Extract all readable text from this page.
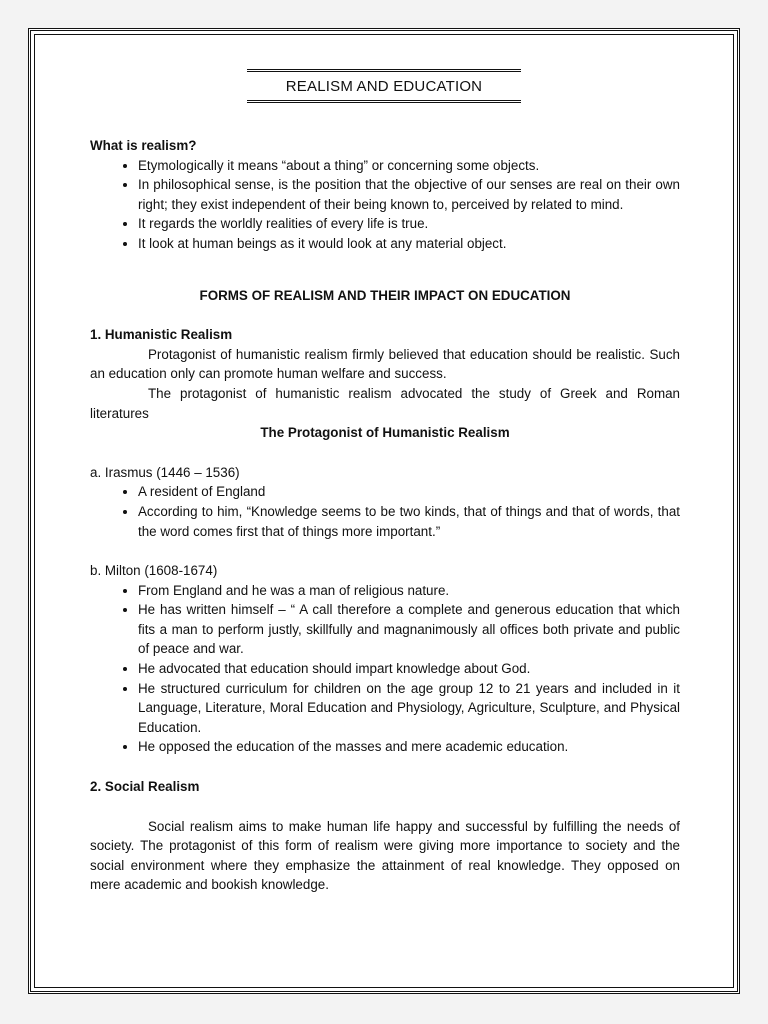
REALISM AND EDUCATION
What is realism?
• Etymologically it means “about a thing” or concerning some objects.
• In philosophical sense, is the position that the objective of our senses are real on their own right; they exist independent of their being known to, perceived by related to mind.
• It regards the worldly realities of every life is true.
• It look at human beings as it would look at any material object.

FORMS OF REALISM AND THEIR IMPACT ON EDUCATION

1. Humanistic Realism

Protagonist of humanistic realism firmly believed that education should be realistic. Such an education only can promote human welfare and success.

The protagonist of humanistic realism advocated the study of Greek and Roman literatures

The Protagonist of Humanistic Realism

a. Irasmus (1446 – 1536)

• A resident of England
• According to him, “Knowledge seems to be two kinds, that of things and that of words, that the word comes first that of things more important.”

b. Milton (1608-1674)

• From England and he was a man of religious nature.
• He has written himself – “ A call therefore a complete and generous education that which fits a man to perform justly, skillfully and magnanimously all offices both private and public of peace and war.
• He advocated that education should impart knowledge about God.
• He structured curriculum for children on the age group 12 to 21 years and included in it Language, Literature, Moral Education and Physiology, Agriculture, Sculpture, and Physical Education.
• He opposed the education of the masses and mere academic education.

2. Social Realism

Social realism aims to make human life happy and successful by fulfilling the needs of society. The protagonist of this form of realism were giving more importance to society and the social environment where they emphasize the attainment of real knowledge. They opposed on mere academic and bookish knowledge.
